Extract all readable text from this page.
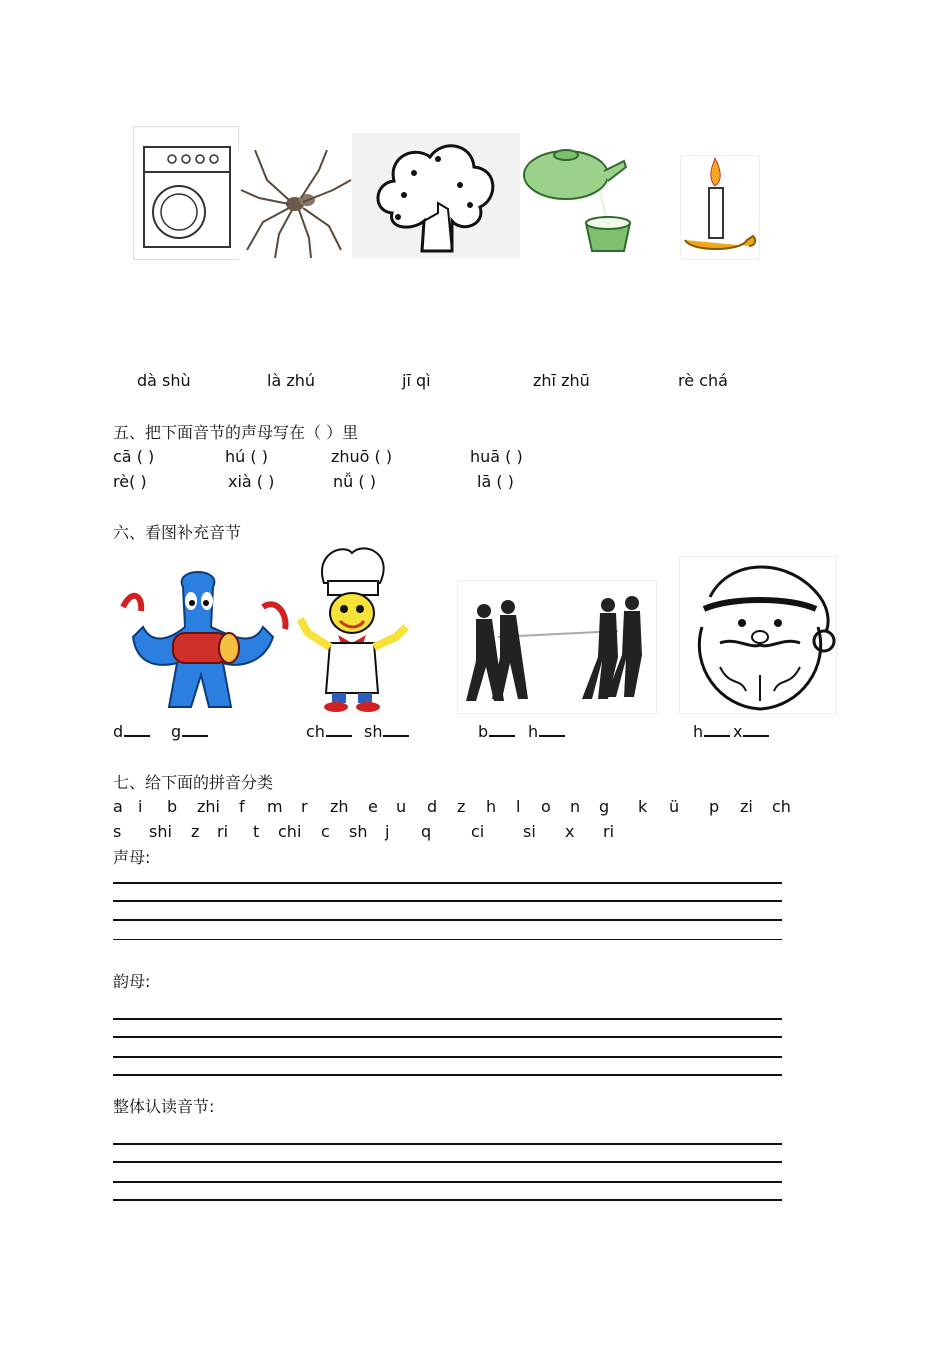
dà shù	là zhú	jī qì	zhī zhū	rè chá
五、把下面音节的声母写在（ ）里
cā ( )	hú ( )	zhuō ( )	huā ( )
rè( )	xià ( )	nǚ ( )	lā ( )
六、看图补充音节
d	g	ch	sh	b	h	h	x
七、给下面的拼音分类
a i b zhi f m r zh e u d z h l o n g k ü p zi ch
s shi z ri t chi c sh j q ci si x ri
声母:
韵母:
整体认读音节:
